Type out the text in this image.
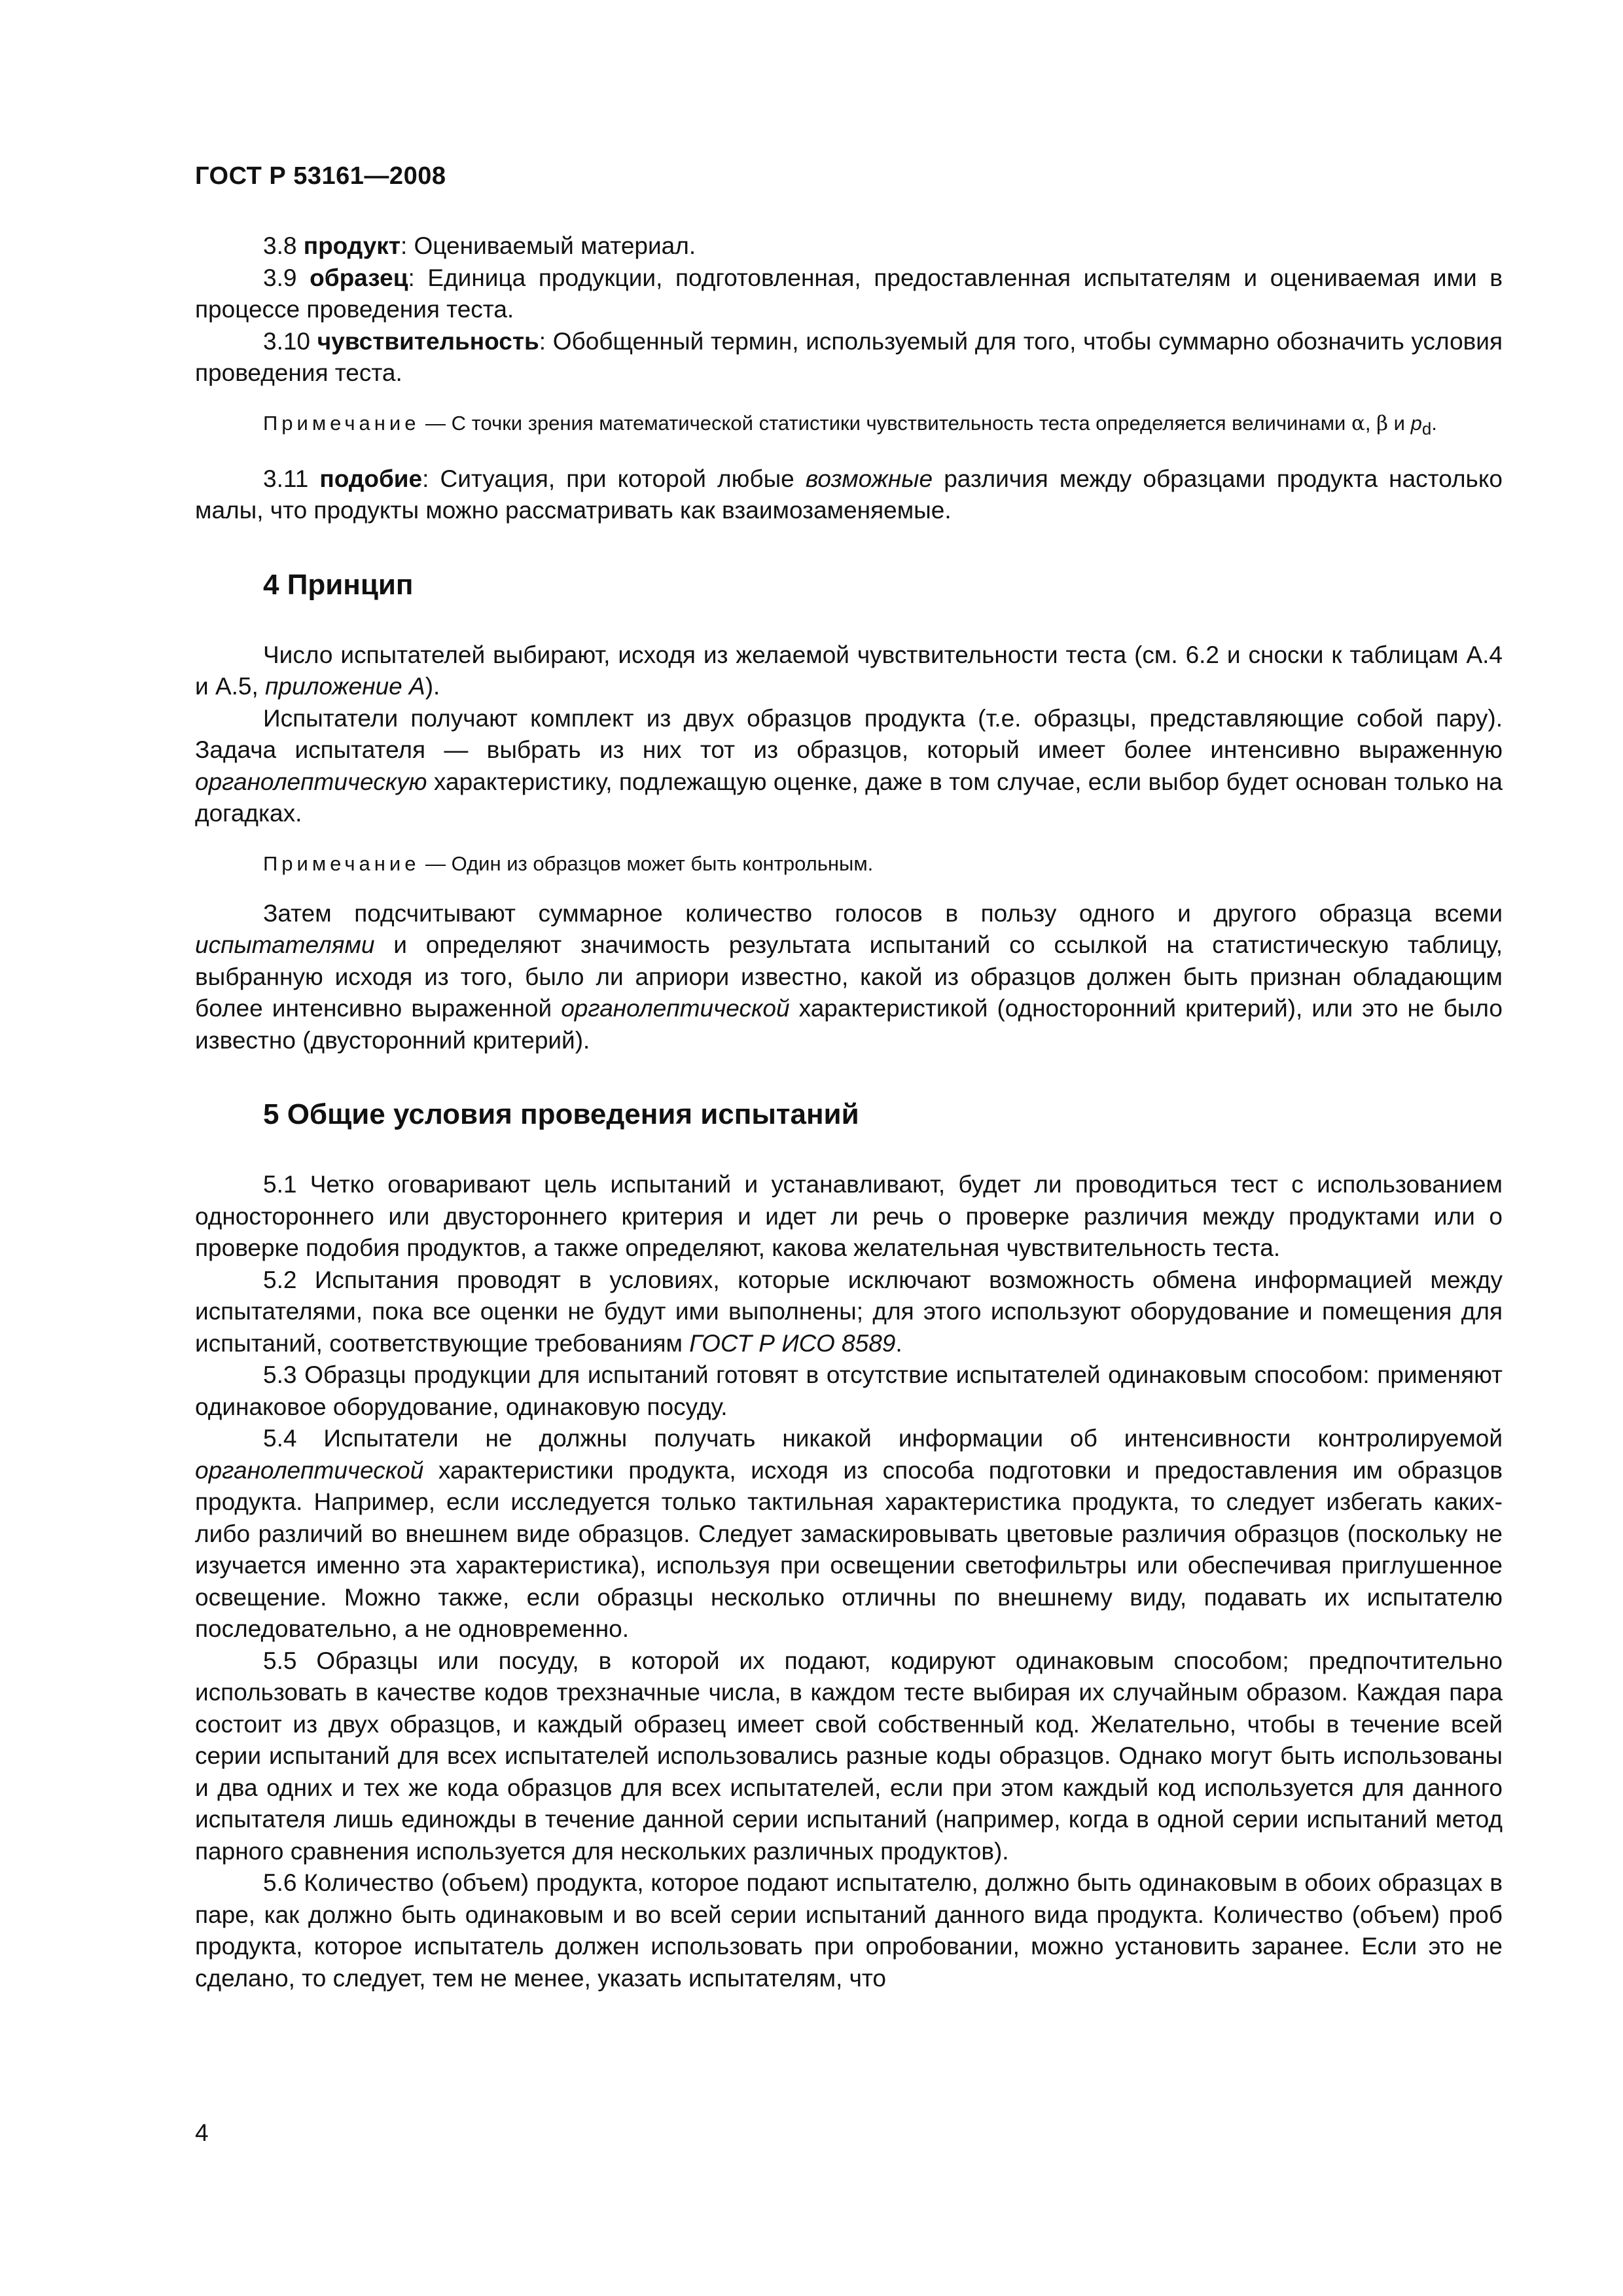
ГОСТ Р 53161—2008

3.8 продукт: Оцениваемый материал.

3.9 образец: Единица продукции, подготовленная, предоставленная испытателям и оцениваемая ими в процессе проведения теста.

3.10 чувствительность: Обобщенный термин, используемый для того, чтобы суммарно обозначить условия проведения теста.

Примечание — С точки зрения математической статистики чувствительность теста определяется величинами α, β и $p_d$.

3.11 подобие: Ситуация, при которой любые возможные различия между образцами продукта настолько малы, что продукты можно рассматривать как взаимозаменяемые.

4 Принцип

Число испытателей выбирают, исходя из желаемой чувствительности теста (см. 6.2 и сноски к таблицам А.4 и А.5, приложение А).

Испытатели получают комплект из двух образцов продукта (т.е. образцы, представляющие собой пару). Задача испытателя — выбрать из них тот из образцов, который имеет более интенсивно выраженную органолептическую характеристику, подлежащую оценке, даже в том случае, если выбор будет основан только на догадках.

Примечание — Один из образцов может быть контрольным.

Затем подсчитывают суммарное количество голосов в пользу одного и другого образца всеми испытателями и определяют значимость результата испытаний со ссылкой на статистическую таблицу, выбранную исходя из того, было ли априори известно, какой из образцов должен быть признан обладающим более интенсивно выраженной органолептической характеристикой (односторонний критерий), или это не было известно (двусторонний критерий).

5 Общие условия проведения испытаний

5.1 Четко оговаривают цель испытаний и устанавливают, будет ли проводиться тест с использованием одностороннего или двустороннего критерия и идет ли речь о проверке различия между продуктами или о проверке подобия продуктов, а также определяют, какова желательная чувствительность теста.

5.2 Испытания проводят в условиях, которые исключают возможность обмена информацией между испытателями, пока все оценки не будут ими выполнены; для этого используют оборудование и помещения для испытаний, соответствующие требованиям ГОСТ Р ИСО 8589.

5.3 Образцы продукции для испытаний готовят в отсутствие испытателей одинаковым способом: применяют одинаковое оборудование, одинаковую посуду.

5.4 Испытатели не должны получать никакой информации об интенсивности контролируемой органолептической характеристики продукта, исходя из способа подготовки и предоставления им образцов продукта. Например, если исследуется только тактильная характеристика продукта, то следует избегать каких-либо различий во внешнем виде образцов. Следует замаскировывать цветовые различия образцов (поскольку не изучается именно эта характеристика), используя при освещении светофильтры или обеспечивая приглушенное освещение. Можно также, если образцы несколько отличны по внешнему виду, подавать их испытателю последовательно, а не одновременно.

5.5 Образцы или посуду, в которой их подают, кодируют одинаковым способом; предпочтительно использовать в качестве кодов трехзначные числа, в каждом тесте выбирая их случайным образом. Каждая пара состоит из двух образцов, и каждый образец имеет свой собственный код. Желательно, чтобы в течение всей серии испытаний для всех испытателей использовались разные коды образцов. Однако могут быть использованы и два одних и тех же кода образцов для всех испытателей, если при этом каждый код используется для данного испытателя лишь единожды в течение данной серии испытаний (например, когда в одной серии испытаний метод парного сравнения используется для нескольких различных продуктов).

5.6 Количество (объем) продукта, которое подают испытателю, должно быть одинаковым в обоих образцах в паре, как должно быть одинаковым и во всей серии испытаний данного вида продукта. Количество (объем) проб продукта, которое испытатель должен использовать при опробовании, можно установить заранее. Если это не сделано, то следует, тем не менее, указать испытателям, что

4
